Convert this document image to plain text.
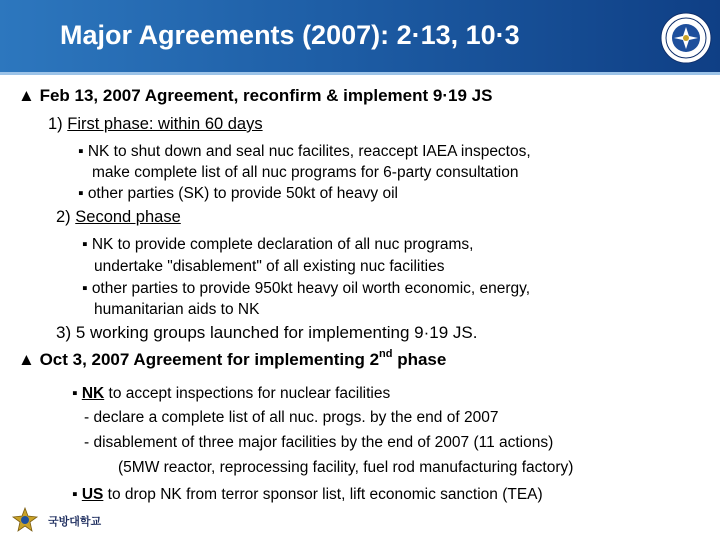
Major Agreements (2007): 2·13, 10·3
▲ Feb 13, 2007 Agreement, reconfirm & implement 9·19 JS
1) First phase: within 60 days
▪ NK to shut down and seal nuc facilites, reaccept IAEA inspectos,
make complete list of all nuc programs for 6-party consultation
▪ other parties (SK) to provide 50kt of heavy oil
2) Second phase
▪ NK to provide complete declaration of all nuc programs,
undertake "disablement" of all existing nuc facilities
▪ other parties to provide 950kt heavy oil worth economic, energy,
humanitarian aids to NK
3) 5 working groups launched for implementing 9·19 JS.
▲ Oct 3, 2007 Agreement for implementing 2nd phase
▪ NK to accept inspections for nuclear facilities
- declare a complete list of all nuc. progs. by the end of 2007
- disablement of three major facilities by the end of 2007 (11 actions)
(5MW reactor, reprocessing facility, fuel rod manufacturing factory)
▪ US to drop NK from terror sponsor list, lift economic sanction (TEA)
국방대학교
